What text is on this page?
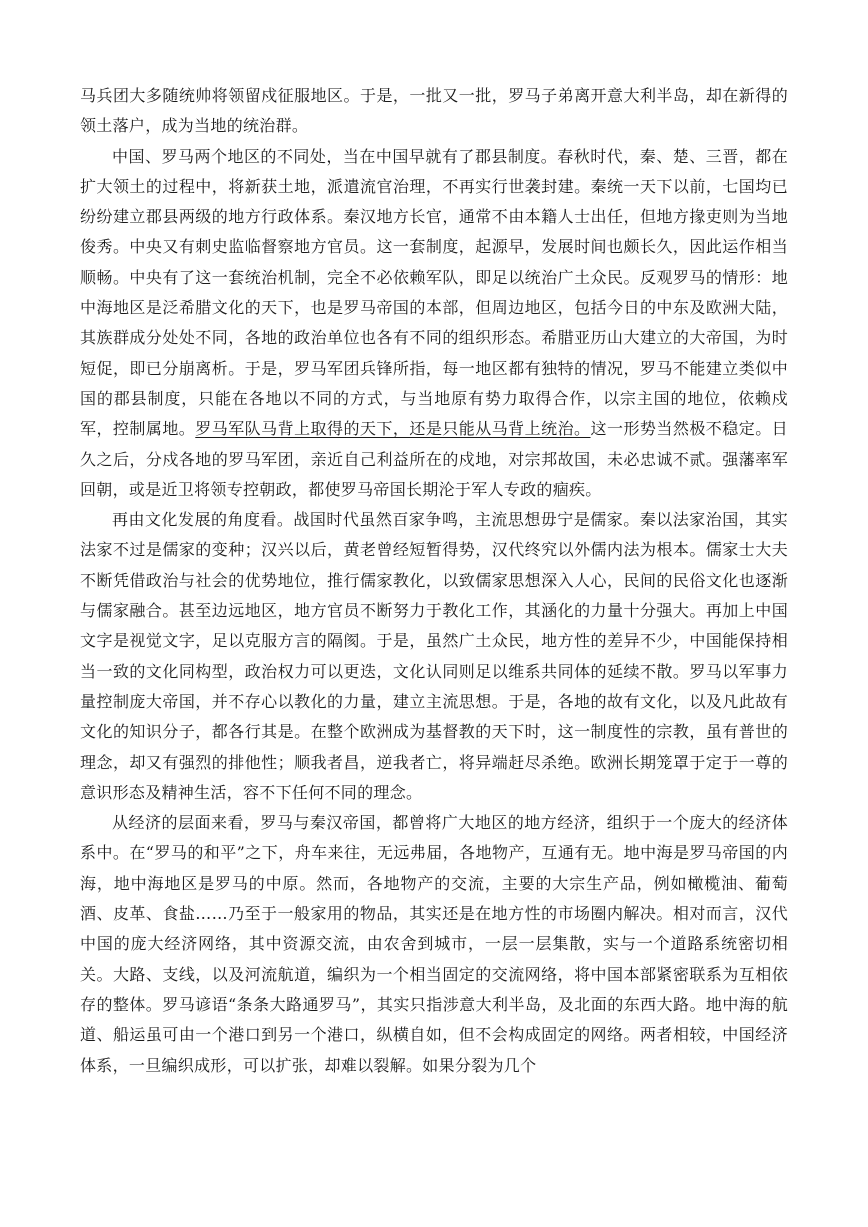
马兵团大多随统帅将领留戍征服地区。于是，一批又一批，罗马子弟离开意大利半岛，却在新得的领土落户，成为当地的统治群。

中国、罗马两个地区的不同处，当在中国早就有了郡县制度。春秋时代，秦、楚、三晋，都在扩大领土的过程中，将新获土地，派遣流官治理，不再实行世袭封建。秦统一天下以前，七国均已纷纷建立郡县两级的地方行政体系。秦汉地方长官，通常不由本籍人士出任，但地方掾吏则为当地俊秀。中央又有刺史监临督察地方官员。这一套制度，起源早，发展时间也颇长久，因此运作相当顺畅。中央有了这一套统治机制，完全不必依赖军队，即足以统治广土众民。反观罗马的情形：地中海地区是泛希腊文化的天下，也是罗马帝国的本部，但周边地区，包括今日的中东及欧洲大陆，其族群成分处处不同，各地的政治单位也各有不同的组织形态。希腊亚历山大建立的大帝国，为时短促，即已分崩离析。于是，罗马军团兵锋所指，每一地区都有独特的情况，罗马不能建立类似中国的郡县制度，只能在各地以不同的方式，与当地原有势力取得合作，以宗主国的地位，依赖戍军，控制属地。罗马军队马背上取得的天下，还是只能从马背上统治。这一形势当然极不稳定。日久之后，分戍各地的罗马军团，亲近自己利益所在的戍地，对宗邦故国，未必忠诚不贰。强藩率军回朝，或是近卫将领专控朝政，都使罗马帝国长期沦于军人专政的痼疾。

再由文化发展的角度看。战国时代虽然百家争鸣，主流思想毋宁是儒家。秦以法家治国，其实法家不过是儒家的变种；汉兴以后，黄老曾经短暂得势，汉代终究以外儒内法为根本。儒家士大夫不断凭借政治与社会的优势地位，推行儒家教化，以致儒家思想深入人心，民间的民俗文化也逐渐与儒家融合。甚至边远地区，地方官员不断努力于教化工作，其涵化的力量十分强大。再加上中国文字是视觉文字，足以克服方言的隔阂。于是，虽然广土众民，地方性的差异不少，中国能保持相当一致的文化同构型，政治权力可以更迭，文化认同则足以维系共同体的延续不散。罗马以军事力量控制庞大帝国，并不存心以教化的力量，建立主流思想。于是，各地的故有文化，以及凡此故有文化的知识分子，都各行其是。在整个欧洲成为基督教的天下时，这一制度性的宗教，虽有普世的理念，却又有强烈的排他性；顺我者昌，逆我者亡，将异端赶尽杀绝。欧洲长期笼罩于定于一尊的意识形态及精神生活，容不下任何不同的理念。

从经济的层面来看，罗马与秦汉帝国，都曾将广大地区的地方经济，组织于一个庞大的经济体系中。在“罗马的和平”之下，舟车来往，无远弗届，各地物产，互通有无。地中海是罗马帝国的内海，地中海地区是罗马的中原。然而，各地物产的交流，主要的大宗生产品，例如橄榄油、葡萄酒、皮革、食盐……乃至于一般家用的物品，其实还是在地方性的市场圈内解决。相对而言，汉代中国的庞大经济网络，其中资源交流，由农舍到城市，一层一层集散，实与一个道路系统密切相关。大路、支线，以及河流航道，编织为一个相当固定的交流网络，将中国本部紧密联系为互相依存的整体。罗马谚语“条条大路通罗马”，其实只指涉意大利半岛，及北面的东西大路。地中海的航道、船运虽可由一个港口到另一个港口，纵横自如，但不会构成固定的网络。两者相较，中国经济体系，一旦编织成形，可以扩张，却难以裂解。如果分裂为几个
